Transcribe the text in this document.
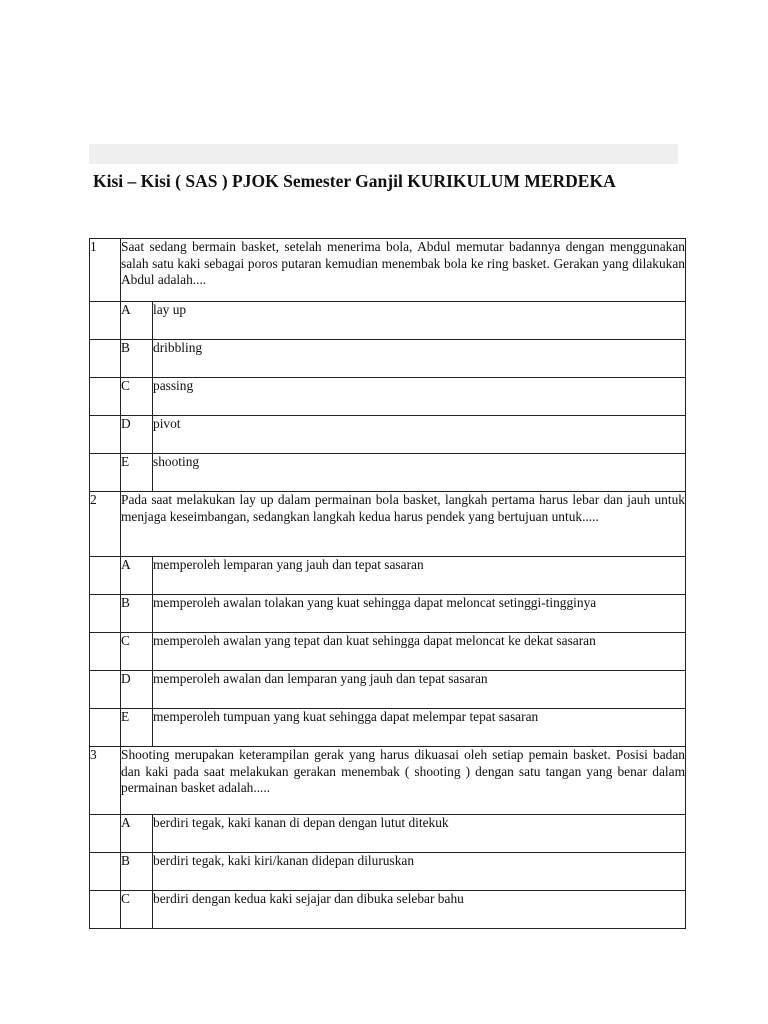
Kisi – Kisi ( SAS ) PJOK Semester Ganjil KURIKULUM MERDEKA
1	Saat sedang bermain basket, setelah menerima bola, Abdul memutar badannya dengan menggunakan salah satu kaki sebagai poros putaran kemudian menembak bola ke ring basket. Gerakan yang dilakukan Abdul adalah....	
	A	lay up
	B	dribbling
	C	passing
	D	pivot
	E	shooting
2	Pada saat melakukan lay up dalam permainan bola basket, langkah pertama harus lebar dan jauh untuk menjaga keseimbangan, sedangkan langkah kedua harus pendek yang bertujuan untuk.....	
	A	memperoleh lemparan yang jauh dan tepat sasaran
	B	memperoleh awalan tolakan yang kuat sehingga dapat meloncat setinggi-tingginya
	C	memperoleh awalan yang tepat dan kuat sehingga dapat meloncat ke dekat sasaran
	D	memperoleh awalan dan lemparan yang jauh dan tepat sasaran
	E	memperoleh tumpuan yang kuat sehingga dapat melempar tepat sasaran
3	Shooting merupakan keterampilan gerak yang harus dikuasai oleh setiap pemain basket. Posisi badan dan kaki pada saat melakukan gerakan menembak ( shooting ) dengan satu tangan yang benar dalam permainan basket adalah.....	
	A	berdiri tegak, kaki kanan di depan dengan lutut ditekuk
	B	berdiri tegak, kaki kiri/kanan didepan diluruskan
	C	berdiri dengan kedua kaki sejajar dan dibuka selebar bahu
